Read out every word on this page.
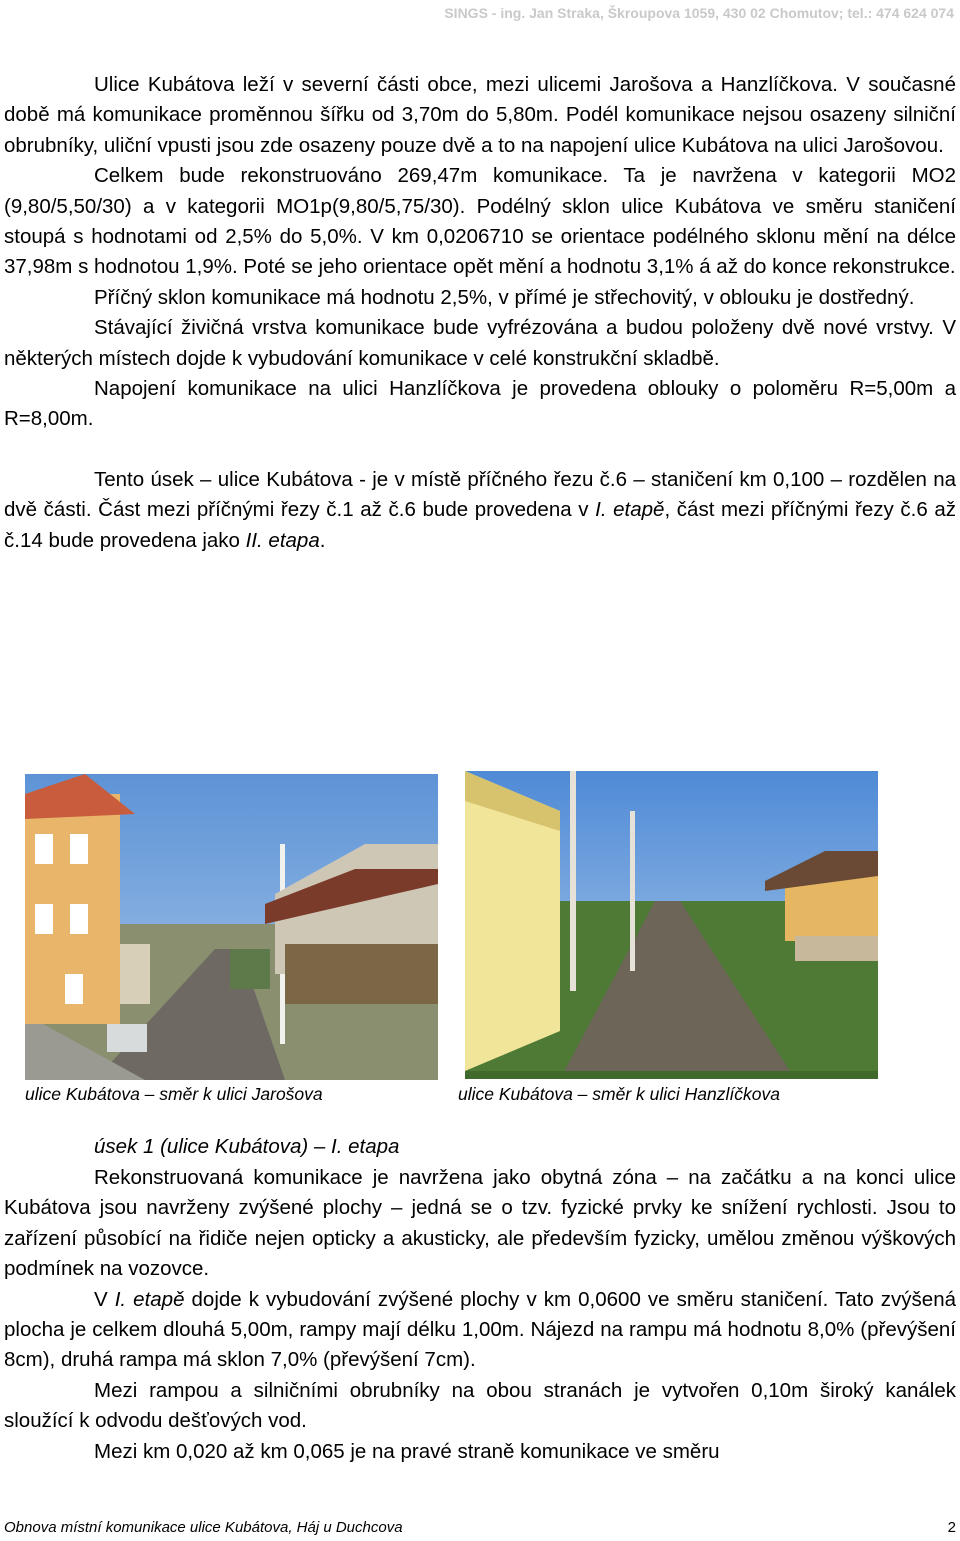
SINGS - ing. Jan Straka, Škroupova 1059, 430 02 Chomutov; tel.: 474 624 074

Ulice Kubátova leží v severní části obce, mezi ulicemi Jarošova a Hanzlíčkova. V současné době má komunikace proměnnou šířku od 3,70m do 5,80m. Podél komunikace nejsou osazeny silniční obrubníky, uliční vpusti jsou zde osazeny pouze dvě a to na napojení ulice Kubátova na ulici Jarošovou.

Celkem bude rekonstruováno 269,47m komunikace. Ta je navržena v kategorii MO2 (9,80/5,50/30) a v kategorii MO1p(9,80/5,75/30). Podélný sklon ulice Kubátova ve směru staničení stoupá s hodnotami od 2,5% do 5,0%. V km 0,0206710 se orientace podélného sklonu mění na délce 37,98m s hodnotou 1,9%. Poté se jeho orientace opět mění a hodnotu 3,1% á až do konce rekonstrukce.

Příčný sklon komunikace má hodnotu 2,5%, v přímé je střechovitý, v oblouku je dostředný.

Stávající živičná vrstva komunikace bude vyfrézována a budou položeny dvě nové vrstvy. V některých místech dojde k vybudování komunikace v celé konstrukční skladbě.

Napojení komunikace na ulici Hanzlíčkova je provedena oblouky o poloměru R=5,00m a R=8,00m.

Tento úsek – ulice Kubátova - je v místě příčného řezu č.6 – staničení km 0,100 – rozdělen na dvě části. Část mezi příčnými řezy č.1 až č.6 bude provedena v I. etapě, část mezi příčnými řezy č.6 až č.14 bude provedena jako II. etapa.

ulice Kubátova – směr k ulici Jarošova	ulice Kubátova – směr k ulici Hanzlíčkova
úsek 1 (ulice Kubátova) – I. etapa

Rekonstruovaná komunikace je navržena jako obytná zóna – na začátku a na konci ulice Kubátova jsou navrženy zvýšené plochy – jedná se o tzv. fyzické prvky ke snížení rychlosti. Jsou to zařízení působící na řidiče nejen opticky a akusticky, ale především fyzicky, umělou změnou výškových podmínek na vozovce.

V I. etapě dojde k vybudování zvýšené plochy v km 0,0600 ve směru staničení. Tato zvýšená plocha je celkem dlouhá 5,00m, rampy mají délku 1,00m. Nájezd na rampu má hodnotu 8,0% (převýšení 8cm), druhá rampa má sklon 7,0% (převýšení 7cm).

Mezi rampou a silničními obrubníky na obou stranách je vytvořen 0,10m široký kanálek sloužící k odvodu dešťových vod.

Mezi km 0,020 až km 0,065 je na pravé straně komunikace ve směru

Obnova místní komunikace ulice Kubátova, Háj u Duchcova	2
